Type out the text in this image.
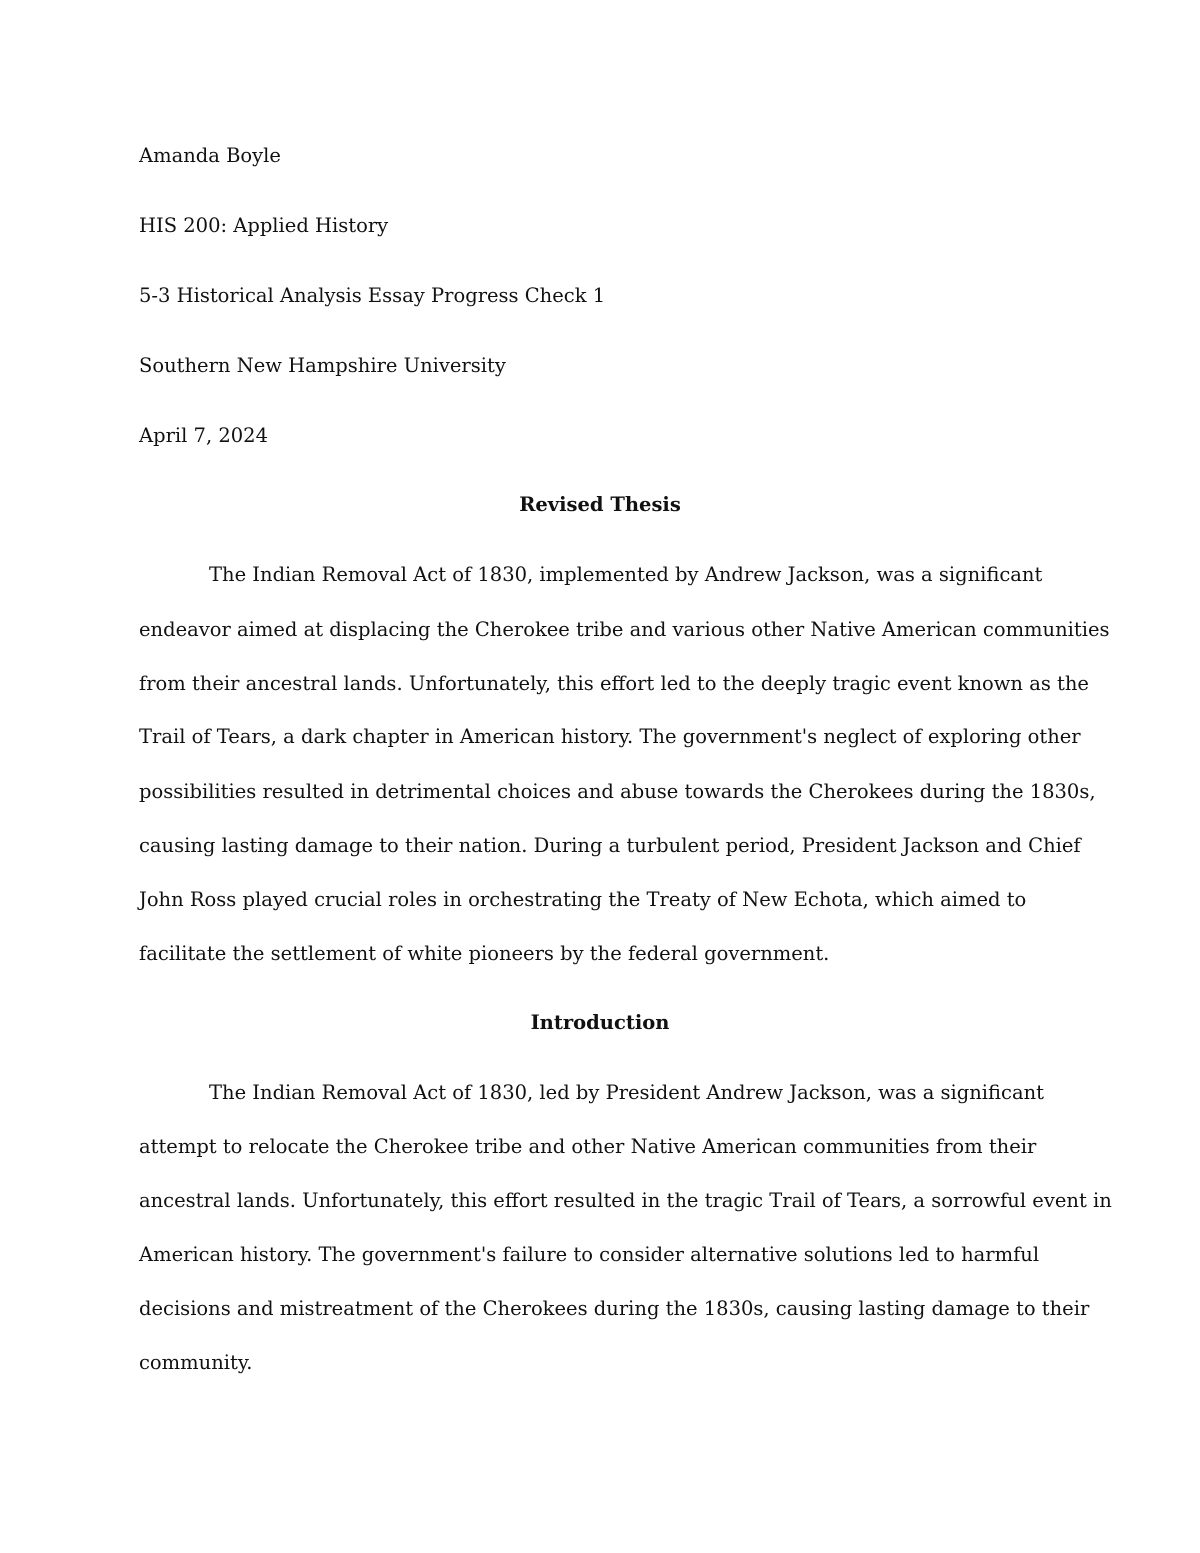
Amanda Boyle
HIS 200: Applied History
5-3 Historical Analysis Essay Progress Check 1
Southern New Hampshire University
April 7, 2024
Revised Thesis
The Indian Removal Act of 1830, implemented by Andrew Jackson, was a significant
endeavor aimed at displacing the Cherokee tribe and various other Native American communities
from their ancestral lands. Unfortunately, this effort led to the deeply tragic event known as the
Trail of Tears, a dark chapter in American history. The government's neglect of exploring other
possibilities resulted in detrimental choices and abuse towards the Cherokees during the 1830s,
causing lasting damage to their nation. During a turbulent period, President Jackson and Chief
John Ross played crucial roles in orchestrating the Treaty of New Echota, which aimed to
facilitate the settlement of white pioneers by the federal government.
Introduction
The Indian Removal Act of 1830, led by President Andrew Jackson, was a significant
attempt to relocate the Cherokee tribe and other Native American communities from their
ancestral lands. Unfortunately, this effort resulted in the tragic Trail of Tears, a sorrowful event in
American history. The government's failure to consider alternative solutions led to harmful
decisions and mistreatment of the Cherokees during the 1830s, causing lasting damage to their
community.
